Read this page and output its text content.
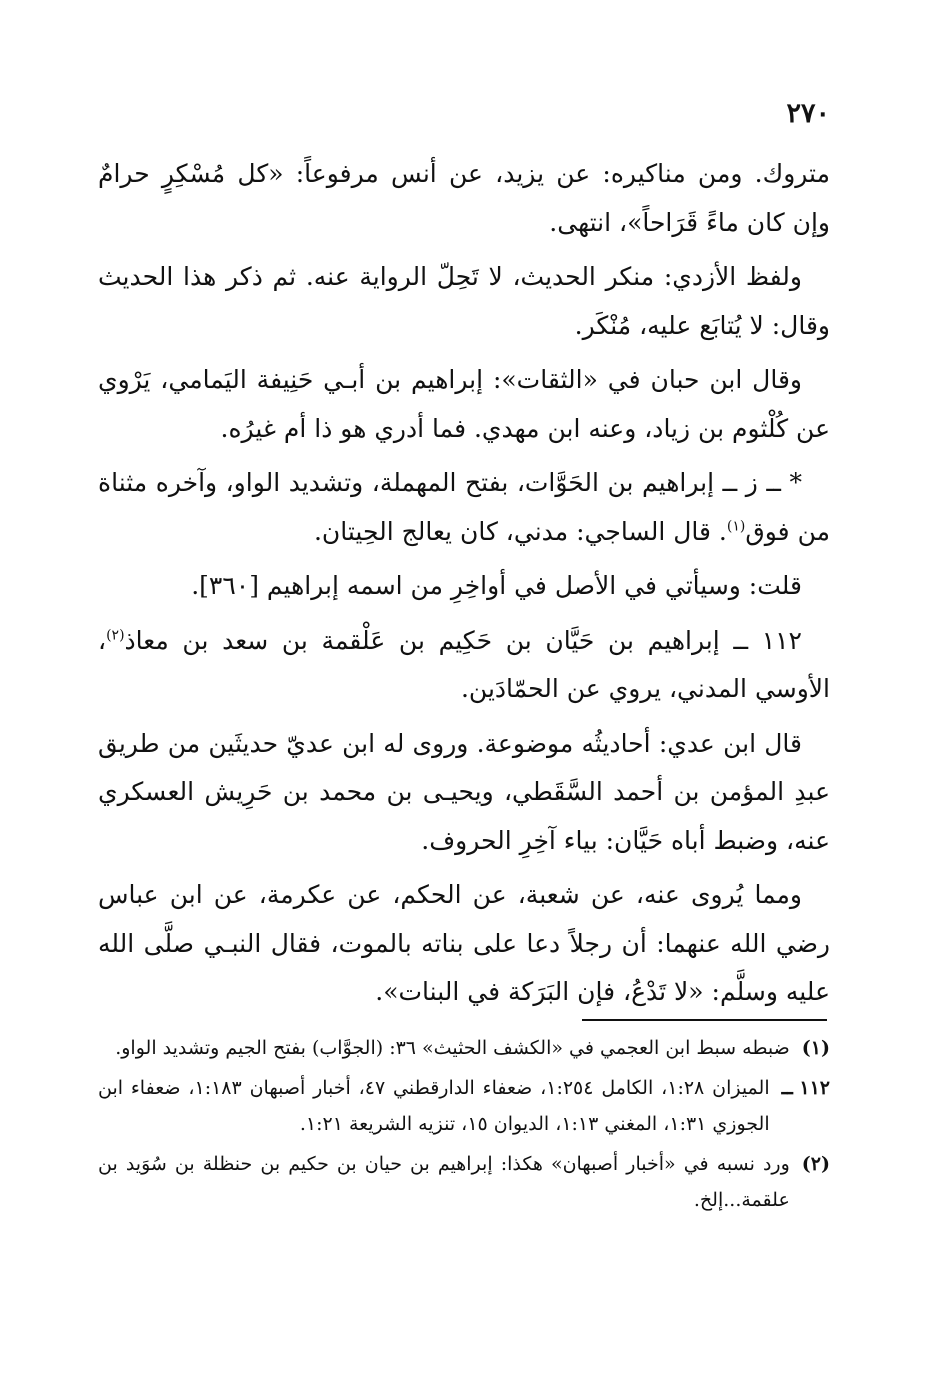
٢٧٠

متروك. ومن مناكيره: عن يزيد، عن أنس مرفوعاً: «كل مُسْكِرٍ حرامٌ وإن كان ماءً قَرَاحاً»، انتهى.

ولفظ الأزدي: منكر الحديث، لا تَحِلّ الرواية عنه. ثم ذكر هذا الحديث وقال: لا يُتابَع عليه، مُنْكَر.

وقال ابن حبان في «الثقات»: إبراهيم بن أبـي حَنِيفة اليَمامي، يَرْوي عن كُلْثوم بن زياد، وعنه ابن مهدي. فما أدري هو ذا أم غيرُه.

* ــ ز ــ إبراهيم بن الحَوَّات، بفتح المهملة، وتشديد الواو، وآخره مثناة من فوق$^{(١)}$. قال الساجي: مدني، كان يعالج الحِيتان.

قلت: وسيأتي في الأصل في أواخِرِ من اسمه إبراهيم [٣٦٠].

١١٢ ــ إبراهيم بن حَيَّان بن حَكِيم بن عَلْقمة بن سعد بن معاذ$^{(٢)}$، الأوسي المدني، يروي عن الحمّادَين.

قال ابن عدي: أحاديثُه موضوعة. وروى له ابن عديّ حديثَين من طريق عبدِ المؤمن بن أحمد السَّقَطي، ويحيـى بن محمد بن حَرِيش العسكري عنه، وضبط أباه حَيَّان: بياء آخِرِ الحروف.

ومما يُروى عنه، عن شعبة، عن الحكم، عن عكرمة، عن ابن عباس رضي الله عنهما: أن رجلاً دعا على بناته بالموت، فقال النبـي صلَّى الله عليه وسلَّم: «لا تَدْعُ، فإن البَرَكة في البنات».

(١)
ضبطه سبط ابن العجمي في «الكشف الحثيث» ٣٦: (الجوَّاب) بفتح الجيم وتشديد الواو.
١١٢ ــ
الميزان ١:٢٨، الكامل ١:٢٥٤، ضعفاء الدارقطني ٤٧، أخبار أصبهان ١:١٨٣، ضعفاء ابن الجوزي ١:٣١، المغني ١:١٣، الديوان ١٥، تنزيه الشريعة ١:٢١.
(٢)
ورد نسبه في «أخبار أصبهان» هكذا: إبراهيم بن حيان بن حكيم بن حنظلة بن سُوَيد بن علقمة...إلخ.
